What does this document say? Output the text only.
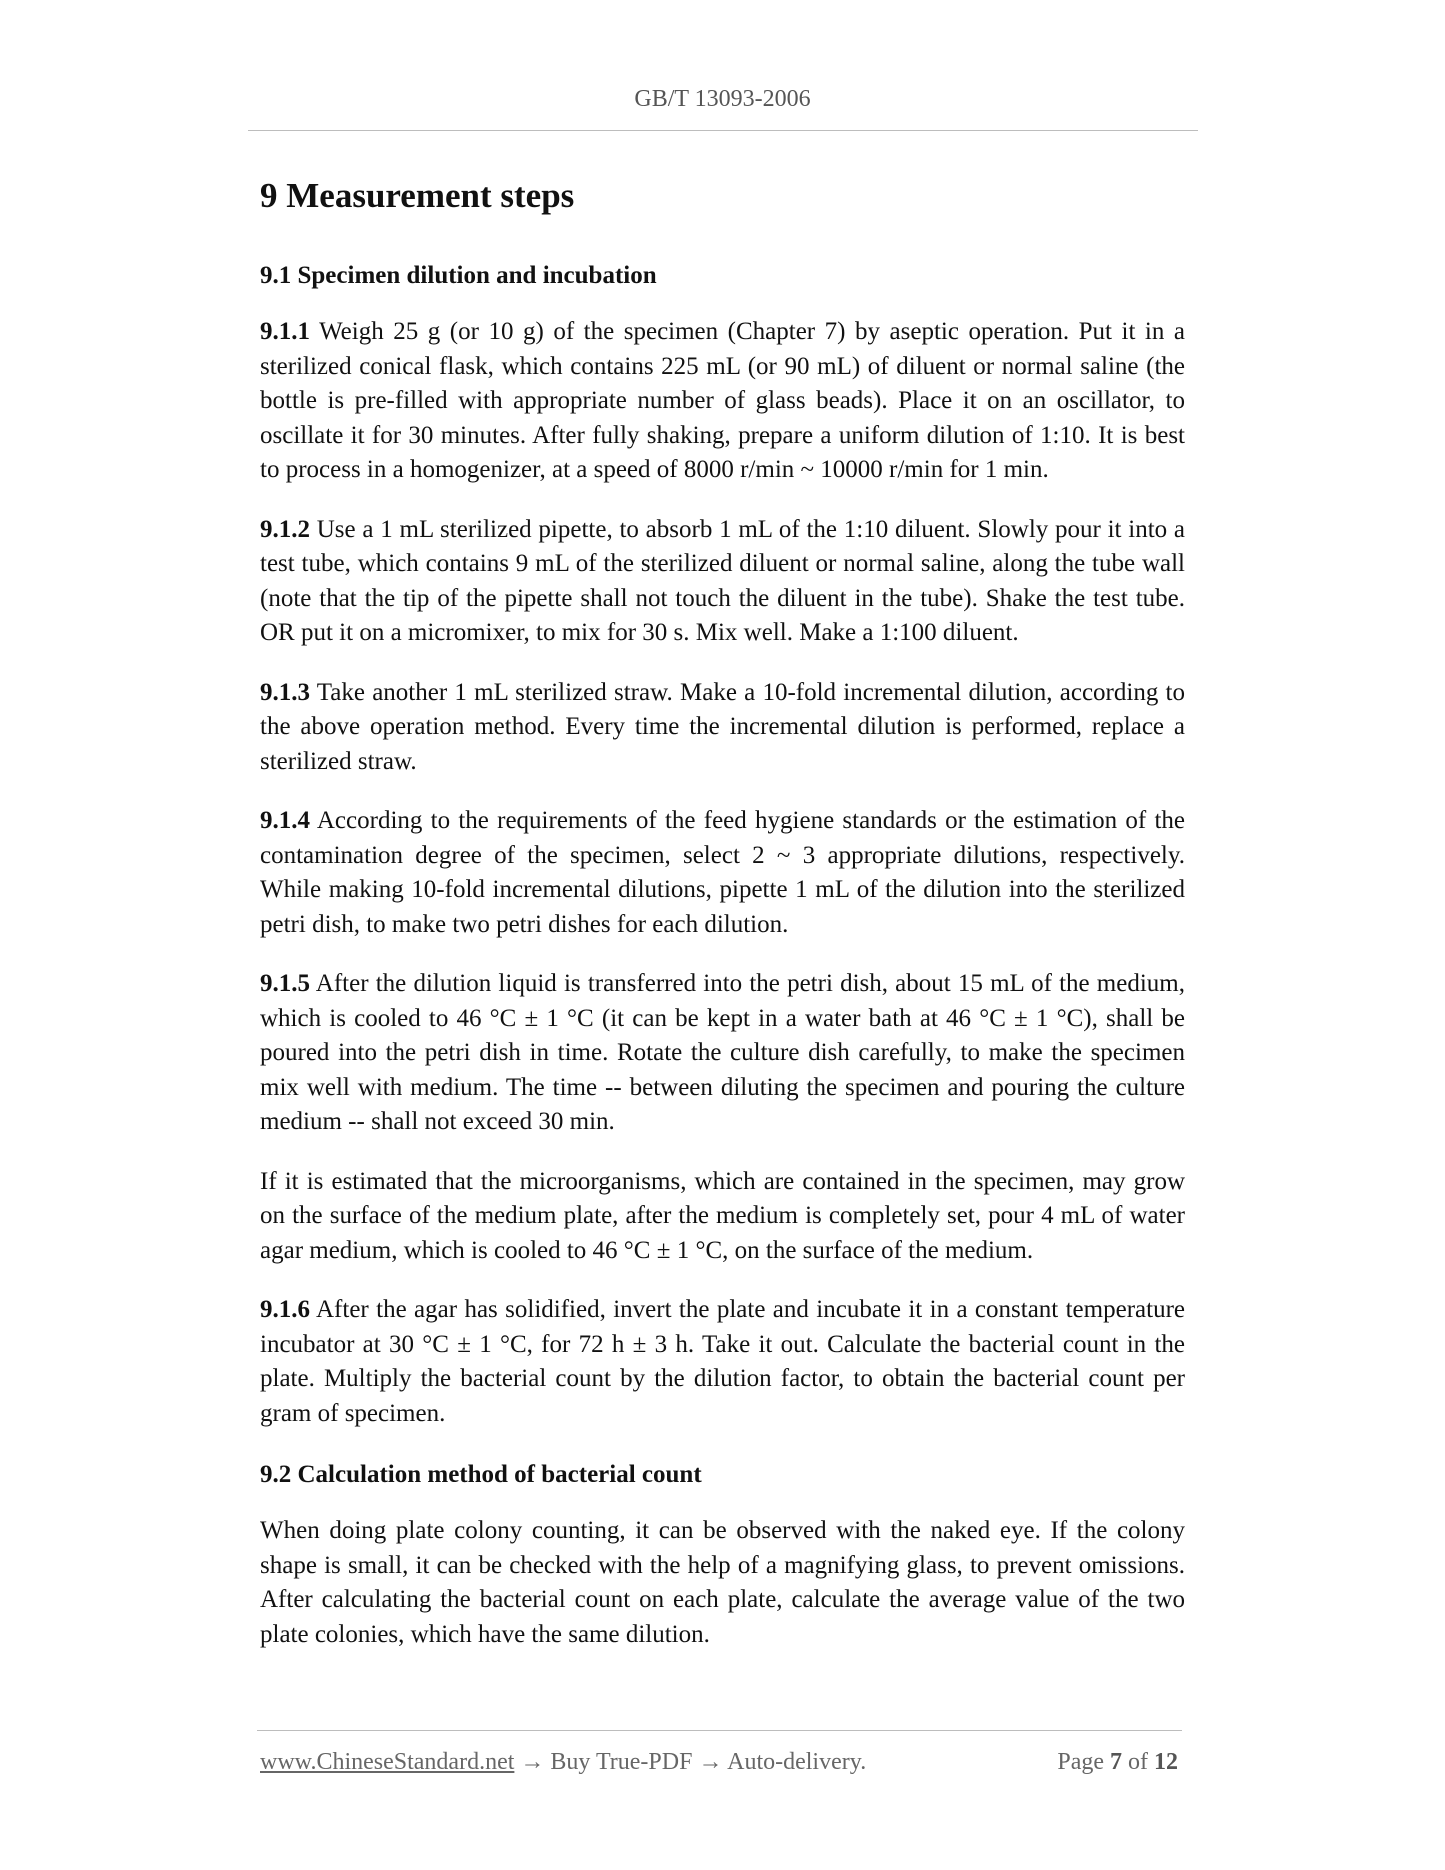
GB/T 13093-2006
9 Measurement steps
9.1 Specimen dilution and incubation

9.1.1 Weigh 25 g (or 10 g) of the specimen (Chapter 7) by aseptic operation. Put it in a sterilized conical flask, which contains 225 mL (or 90 mL) of diluent or normal saline (the bottle is pre-filled with appropriate number of glass beads). Place it on an oscillator, to oscillate it for 30 minutes. After fully shaking, prepare a uniform dilution of 1:10. It is best to process in a homogenizer, at a speed of 8000 r/min ~ 10000 r/min for 1 min.

9.1.2 Use a 1 mL sterilized pipette, to absorb 1 mL of the 1:10 diluent. Slowly pour it into a test tube, which contains 9 mL of the sterilized diluent or normal saline, along the tube wall (note that the tip of the pipette shall not touch the diluent in the tube). Shake the test tube. OR put it on a micromixer, to mix for 30 s. Mix well. Make a 1:100 diluent.

9.1.3 Take another 1 mL sterilized straw. Make a 10-fold incremental dilution, according to the above operation method. Every time the incremental dilution is performed, replace a sterilized straw.

9.1.4 According to the requirements of the feed hygiene standards or the estimation of the contamination degree of the specimen, select 2 ~ 3 appropriate dilutions, respectively. While making 10-fold incremental dilutions, pipette 1 mL of the dilution into the sterilized petri dish, to make two petri dishes for each dilution.

9.1.5 After the dilution liquid is transferred into the petri dish, about 15 mL of the medium, which is cooled to 46 °C ± 1 °C (it can be kept in a water bath at 46 °C ± 1 °C), shall be poured into the petri dish in time. Rotate the culture dish carefully, to make the specimen mix well with medium. The time -- between diluting the specimen and pouring the culture medium -- shall not exceed 30 min.

If it is estimated that the microorganisms, which are contained in the specimen, may grow on the surface of the medium plate, after the medium is completely set, pour 4 mL of water agar medium, which is cooled to 46 °C ± 1 °C, on the surface of the medium.

9.1.6 After the agar has solidified, invert the plate and incubate it in a constant temperature incubator at 30 °C ± 1 °C, for 72 h ± 3 h. Take it out. Calculate the bacterial count in the plate. Multiply the bacterial count by the dilution factor, to obtain the bacterial count per gram of specimen.

9.2 Calculation method of bacterial count

When doing plate colony counting, it can be observed with the naked eye. If the colony shape is small, it can be checked with the help of a magnifying glass, to prevent omissions. After calculating the bacterial count on each plate, calculate the average value of the two plate colonies, which have the same dilution.

www.ChineseStandard.net → Buy True-PDF → Auto-delivery.	Page 7 of 12
